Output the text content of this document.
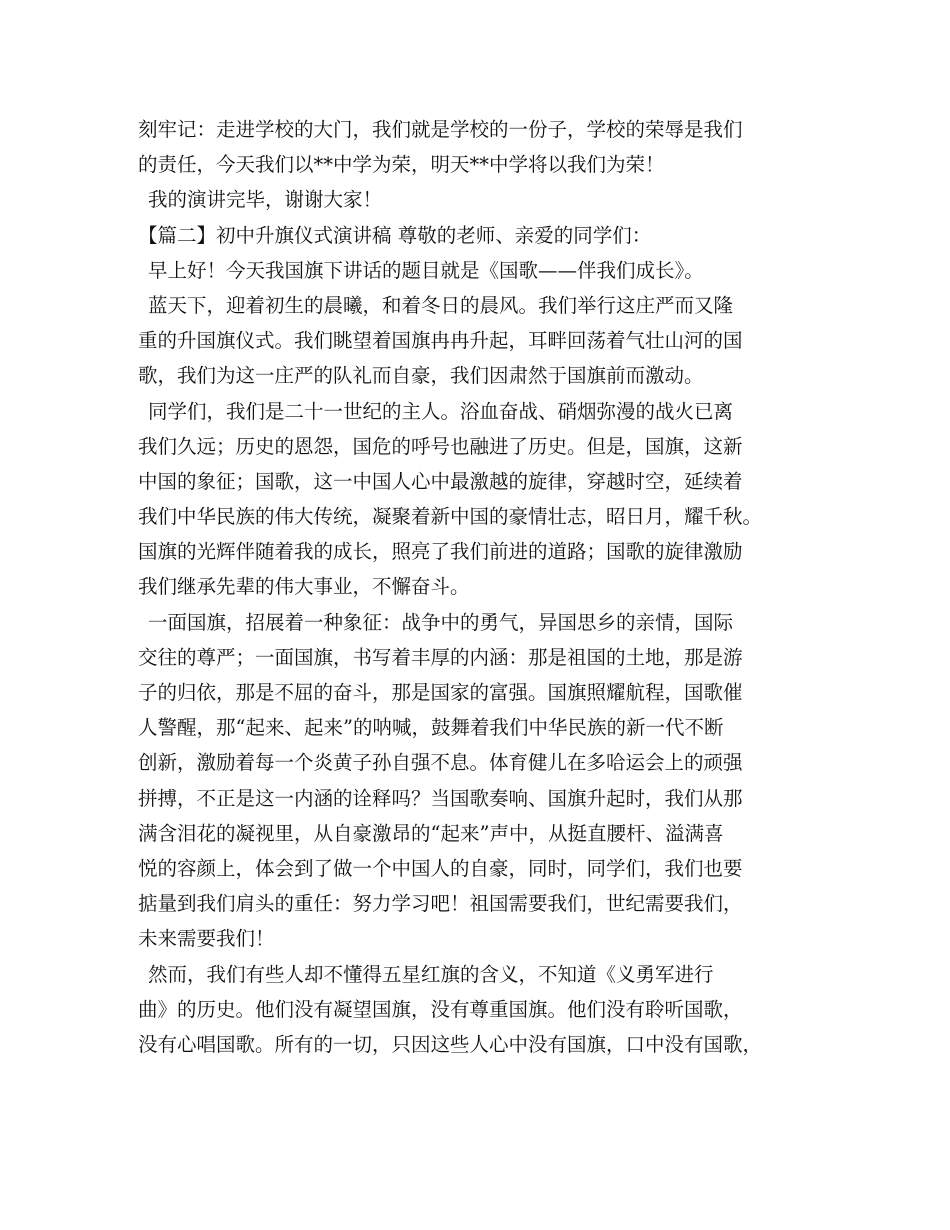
刻牢记：走进学校的大门，我们就是学校的一份子，学校的荣辱是我们
的责任，今天我们以**中学为荣，明天**中学将以我们为荣！
我的演讲完毕，谢谢大家！
【篇二】初中升旗仪式演讲稿 尊敬的老师、亲爱的同学们：
早上好！今天我国旗下讲话的题目就是《国歌——伴我们成长》。
蓝天下，迎着初生的晨曦，和着冬日的晨风。我们举行这庄严而又隆
重的升国旗仪式。我们眺望着国旗冉冉升起，耳畔回荡着气壮山河的国
歌，我们为这一庄严的队礼而自豪，我们因肃然于国旗前而激动。
同学们，我们是二十一世纪的主人。浴血奋战、硝烟弥漫的战火已离
我们久远；历史的恩怨，国危的呼号也融进了历史。但是，国旗，这新
中国的象征；国歌，这一中国人心中最激越的旋律，穿越时空，延续着
我们中华民族的伟大传统，凝聚着新中国的豪情壮志，昭日月，耀千秋。
国旗的光辉伴随着我的成长，照亮了我们前进的道路；国歌的旋律激励
我们继承先辈的伟大事业，不懈奋斗。
一面国旗，招展着一种象征：战争中的勇气，异国思乡的亲情，国际
交往的尊严；一面国旗，书写着丰厚的内涵：那是祖国的土地，那是游
子的归依，那是不屈的奋斗，那是国家的富强。国旗照耀航程，国歌催
人警醒，那“起来、起来”的呐喊，鼓舞着我们中华民族的新一代不断
创新，激励着每一个炎黄子孙自强不息。体育健儿在多哈运会上的顽强
拼搏，不正是这一内涵的诠释吗？当国歌奏响、国旗升起时，我们从那
满含泪花的凝视里，从自豪激昂的“起来”声中，从挺直腰杆、溢满喜
悦的容颜上，体会到了做一个中国人的自豪，同时，同学们，我们也要
掂量到我们肩头的重任：努力学习吧！祖国需要我们，世纪需要我们，
未来需要我们！
然而，我们有些人却不懂得五星红旗的含义，不知道《义勇军进行
曲》的历史。他们没有凝望国旗，没有尊重国旗。他们没有聆听国歌，
没有心唱国歌。所有的一切，只因这些人心中没有国旗，口中没有国歌，
